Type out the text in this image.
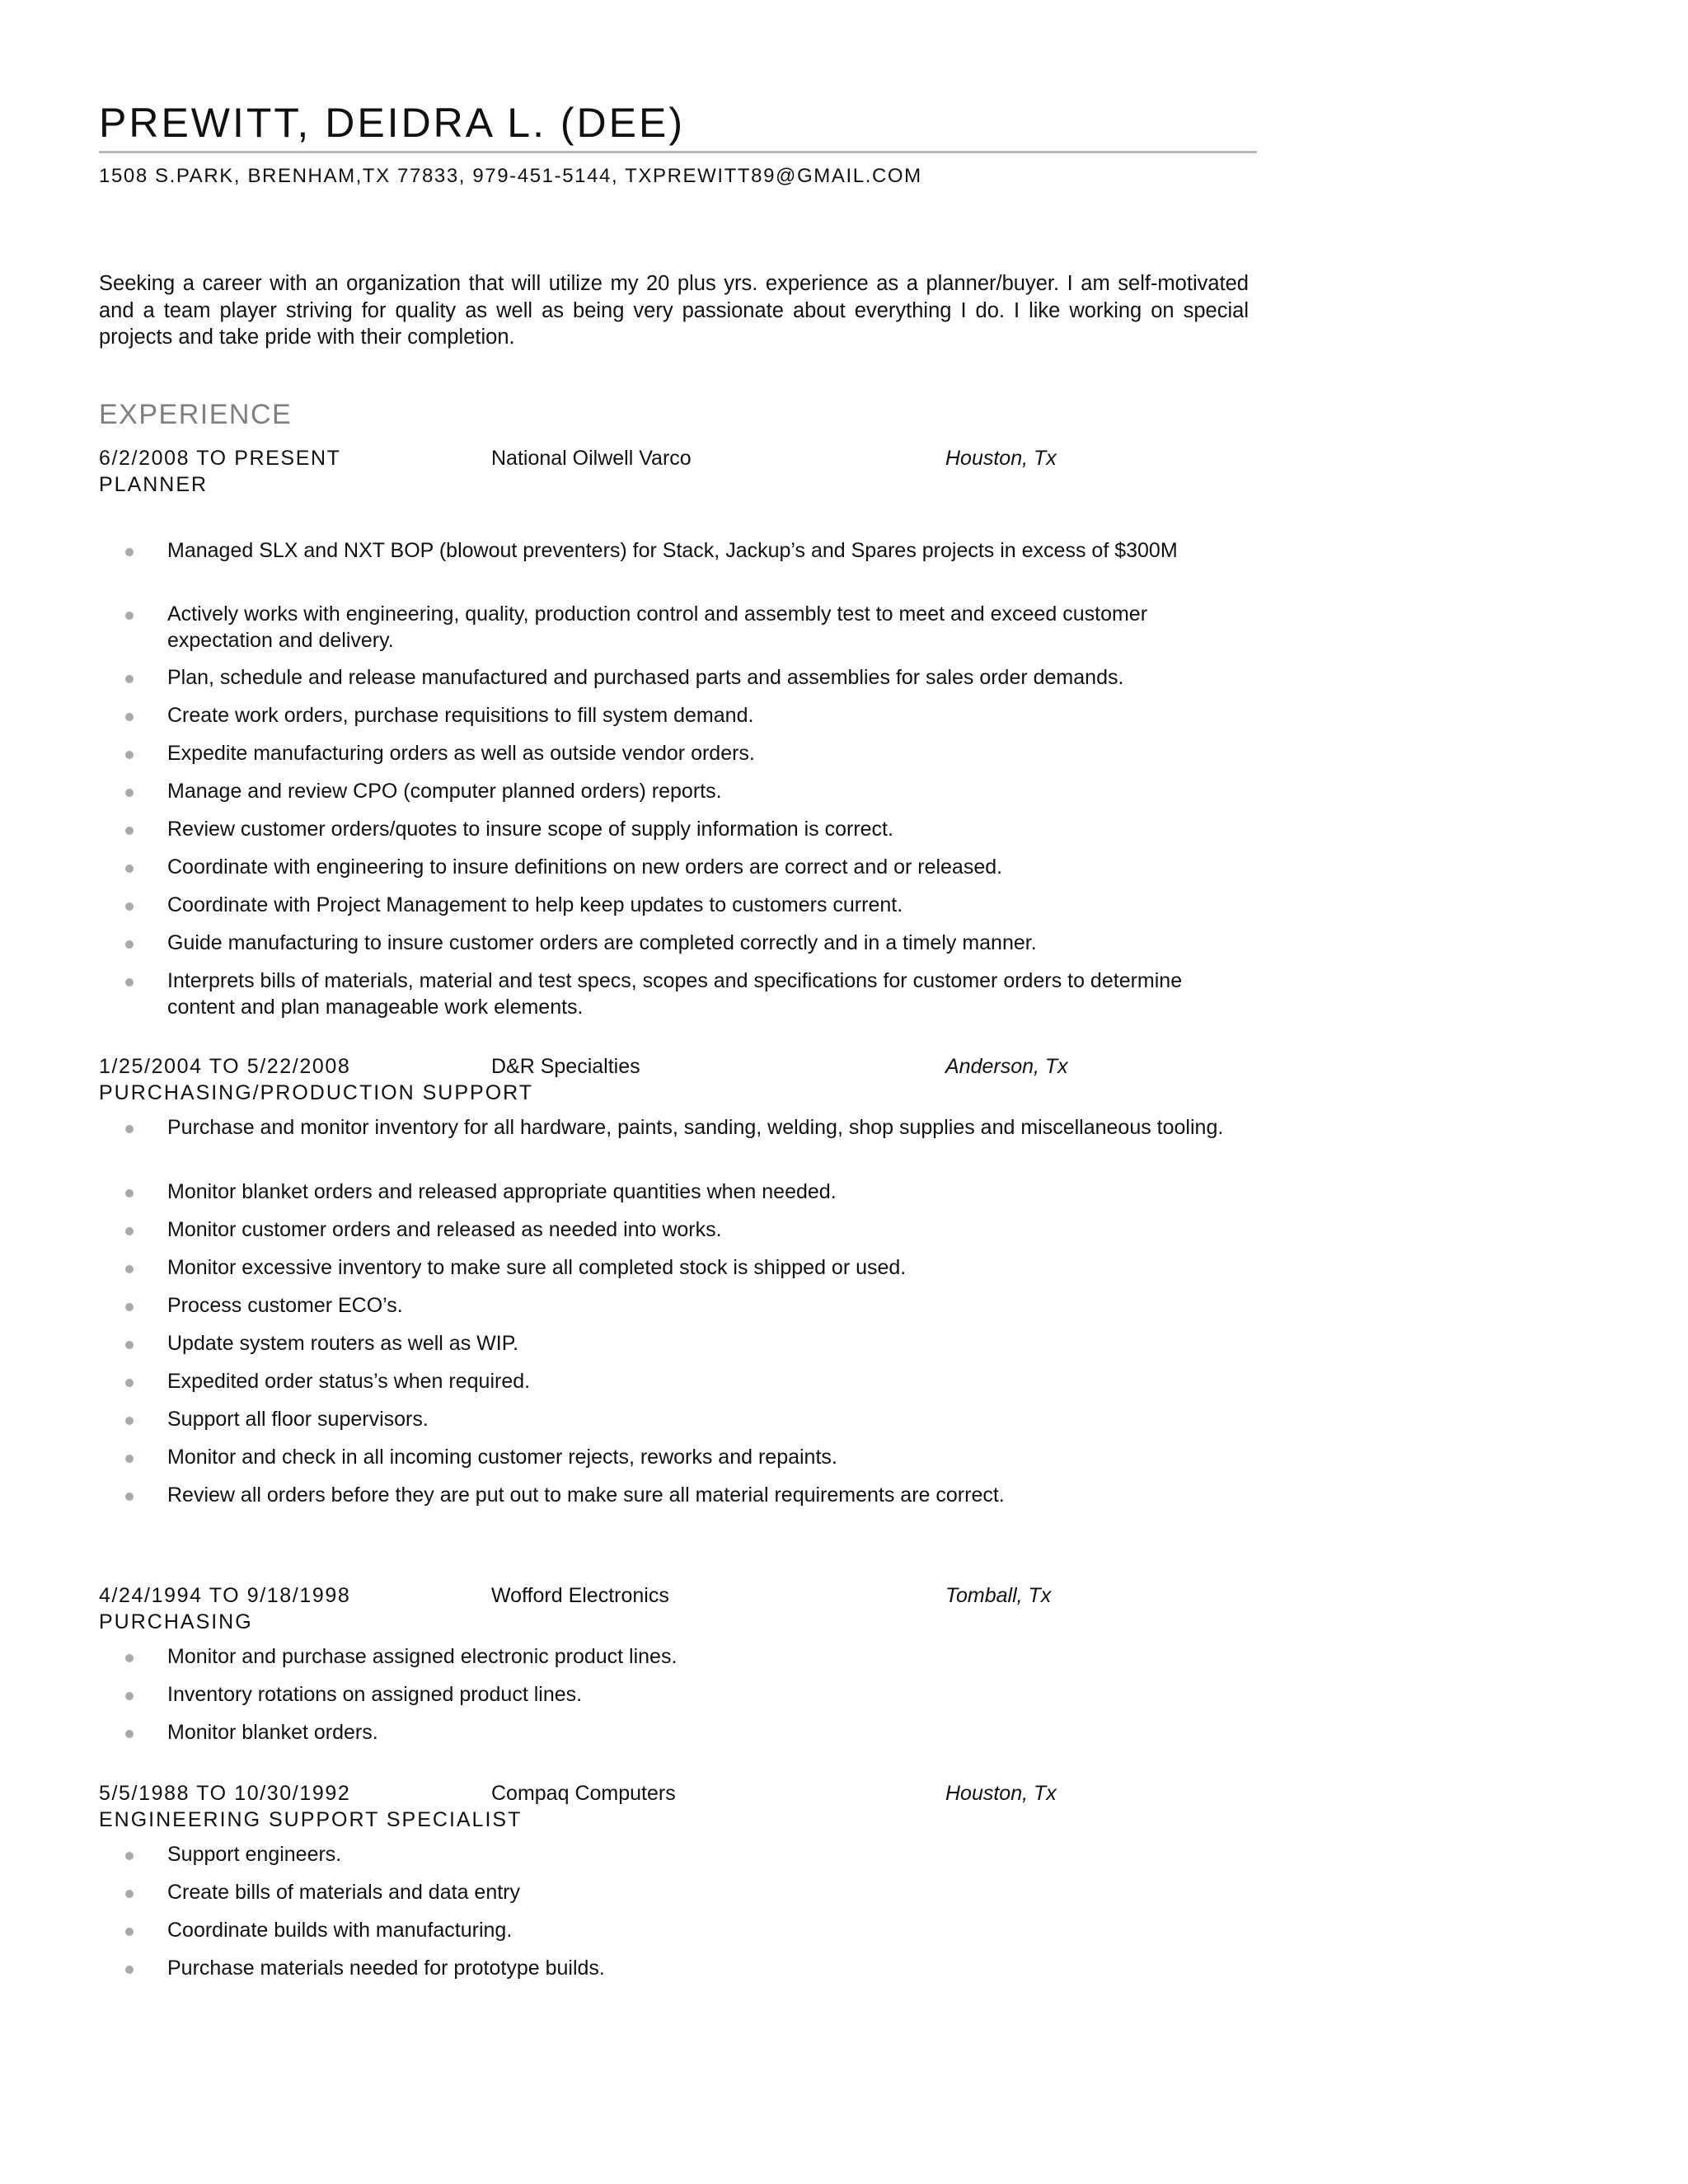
PREWITT, DEIDRA L. (DEE)
1508 S.PARK, BRENHAM,TX 77833, 979-451-5144, TXPREWITT89@GMAIL.COM
Seeking a career with an organization that will utilize my 20 plus yrs. experience as a planner/buyer. I am self-motivated and a team player striving for quality as well as being very passionate about everything I do. I like working on special projects and take pride with their completion.
EXPERIENCE
6/2/2008 TO PRESENT	National Oilwell Varco	Houston, Tx
PLANNER
Managed SLX and NXT BOP (blowout preventers) for Stack, Jackup’s and Spares projects in excess of $300M
Actively works with engineering, quality, production control and assembly test to meet and exceed customer expectation and delivery.
Plan, schedule and release manufactured and purchased parts and assemblies for sales order demands.
Create work orders, purchase requisitions to fill system demand.
Expedite manufacturing orders as well as outside vendor orders.
Manage and review CPO (computer planned orders) reports.
Review customer orders/quotes to insure scope of supply information is correct.
Coordinate with engineering to insure definitions on new orders are correct and or released.
Coordinate with Project Management to help keep updates to customers current.
Guide manufacturing to insure customer orders are completed correctly and in a timely manner.
Interprets bills of materials, material and test specs, scopes and specifications for customer orders to determine content and plan manageable work elements.
1/25/2004 TO 5/22/2008	D&R Specialties	Anderson, Tx
PURCHASING/PRODUCTION SUPPORT
Purchase and monitor inventory for all hardware, paints, sanding, welding, shop supplies and miscellaneous tooling.
Monitor blanket orders and released appropriate quantities when needed.
Monitor customer orders and released as needed into works.
Monitor excessive inventory to make sure all completed stock is shipped or used.
Process customer ECO’s.
Update system routers as well as WIP.
Expedited order status’s when required.
Support all floor supervisors.
Monitor and check in all incoming customer rejects, reworks and repaints.
Review all orders before they are put out to make sure all material requirements are correct.
4/24/1994 TO 9/18/1998	Wofford Electronics	Tomball, Tx
PURCHASING
Monitor and purchase assigned electronic product lines.
Inventory rotations on assigned product lines.
Monitor blanket orders.
5/5/1988 TO 10/30/1992	Compaq Computers	Houston, Tx
ENGINEERING SUPPORT SPECIALIST
Support engineers.
Create bills of materials and data entry
Coordinate builds with manufacturing.
Purchase materials needed for prototype builds.
